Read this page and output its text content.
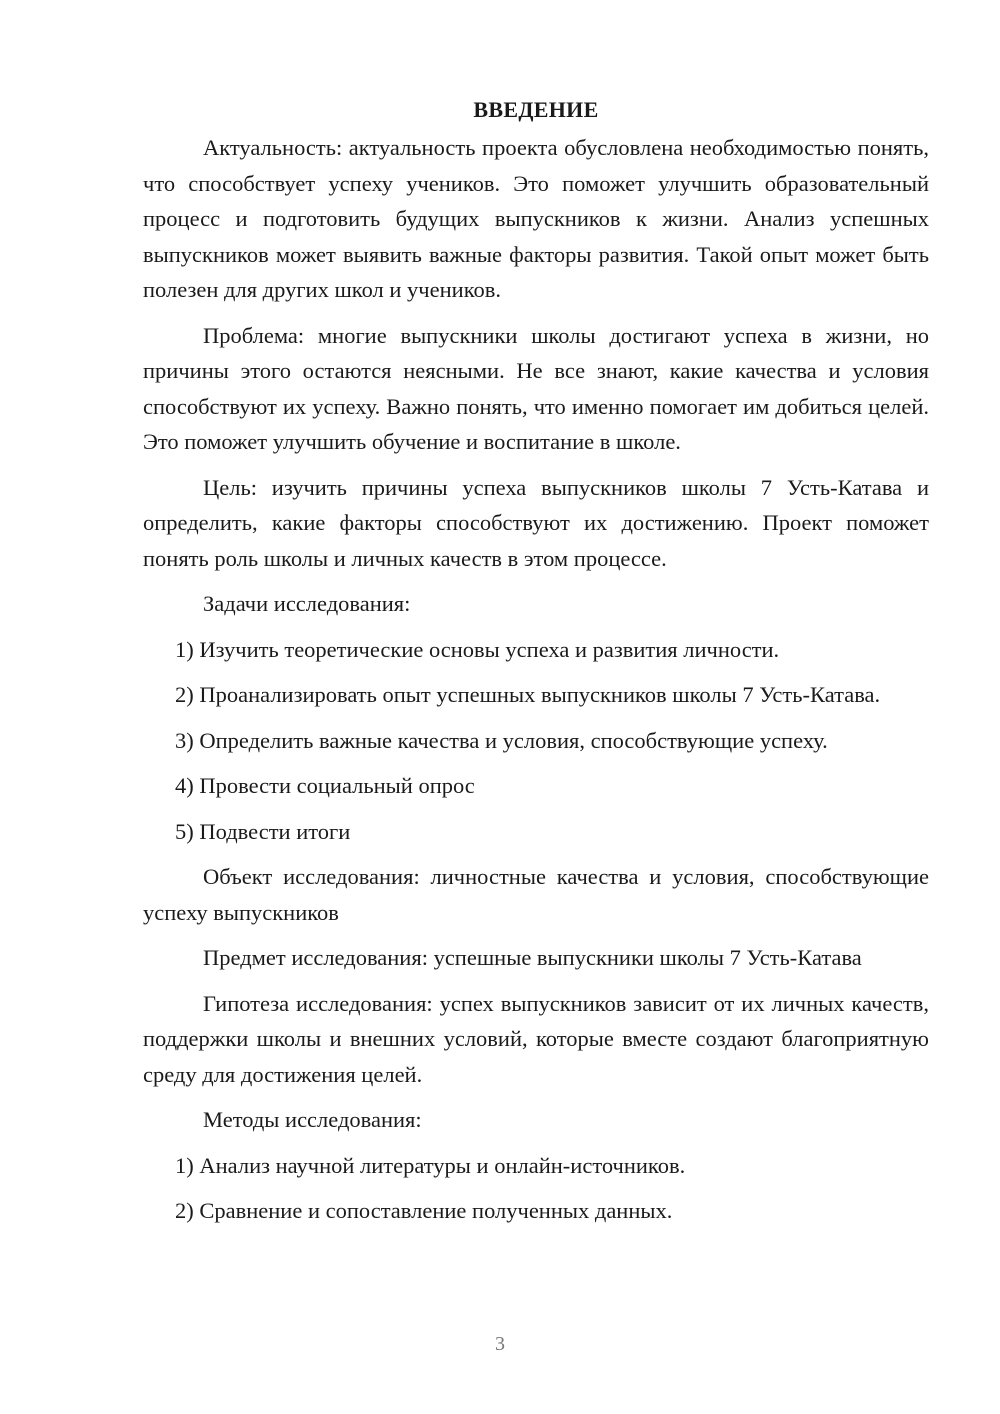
ВВЕДЕНИЕ

Актуальность: актуальность проекта обусловлена необходимостью понять, что способствует успеху учеников. Это поможет улучшить образовательный процесс и подготовить будущих выпускников к жизни. Анализ успешных выпускников может выявить важные факторы развития. Такой опыт может быть полезен для других школ и учеников.

Проблема: многие выпускники школы достигают успеха в жизни, но причины этого остаются неясными. Не все знают, какие качества и условия способствуют их успеху. Важно понять, что именно помогает им добиться целей. Это поможет улучшить обучение и воспитание в школе.

Цель: изучить причины успеха выпускников школы 7 Усть-Катава и определить, какие факторы способствуют их достижению. Проект поможет понять роль школы и личных качеств в этом процессе.

Задачи исследования:

1) Изучить теоретические основы успеха и развития личности.

2) Проанализировать опыт успешных выпускников школы 7 Усть-Катава.

3) Определить важные качества и условия, способствующие успеху.

4) Провести социальный опрос

5) Подвести итоги

Объект исследования: личностные качества и условия, способствующие успеху выпускников

Предмет исследования: успешные выпускники школы 7 Усть-Катава

Гипотеза исследования: успех выпускников зависит от их личных качеств, поддержки школы и внешних условий, которые вместе создают благоприятную среду для достижения целей.

Методы исследования:

1) Анализ научной литературы и онлайн-источников.

2) Сравнение и сопоставление полученных данных.

3
